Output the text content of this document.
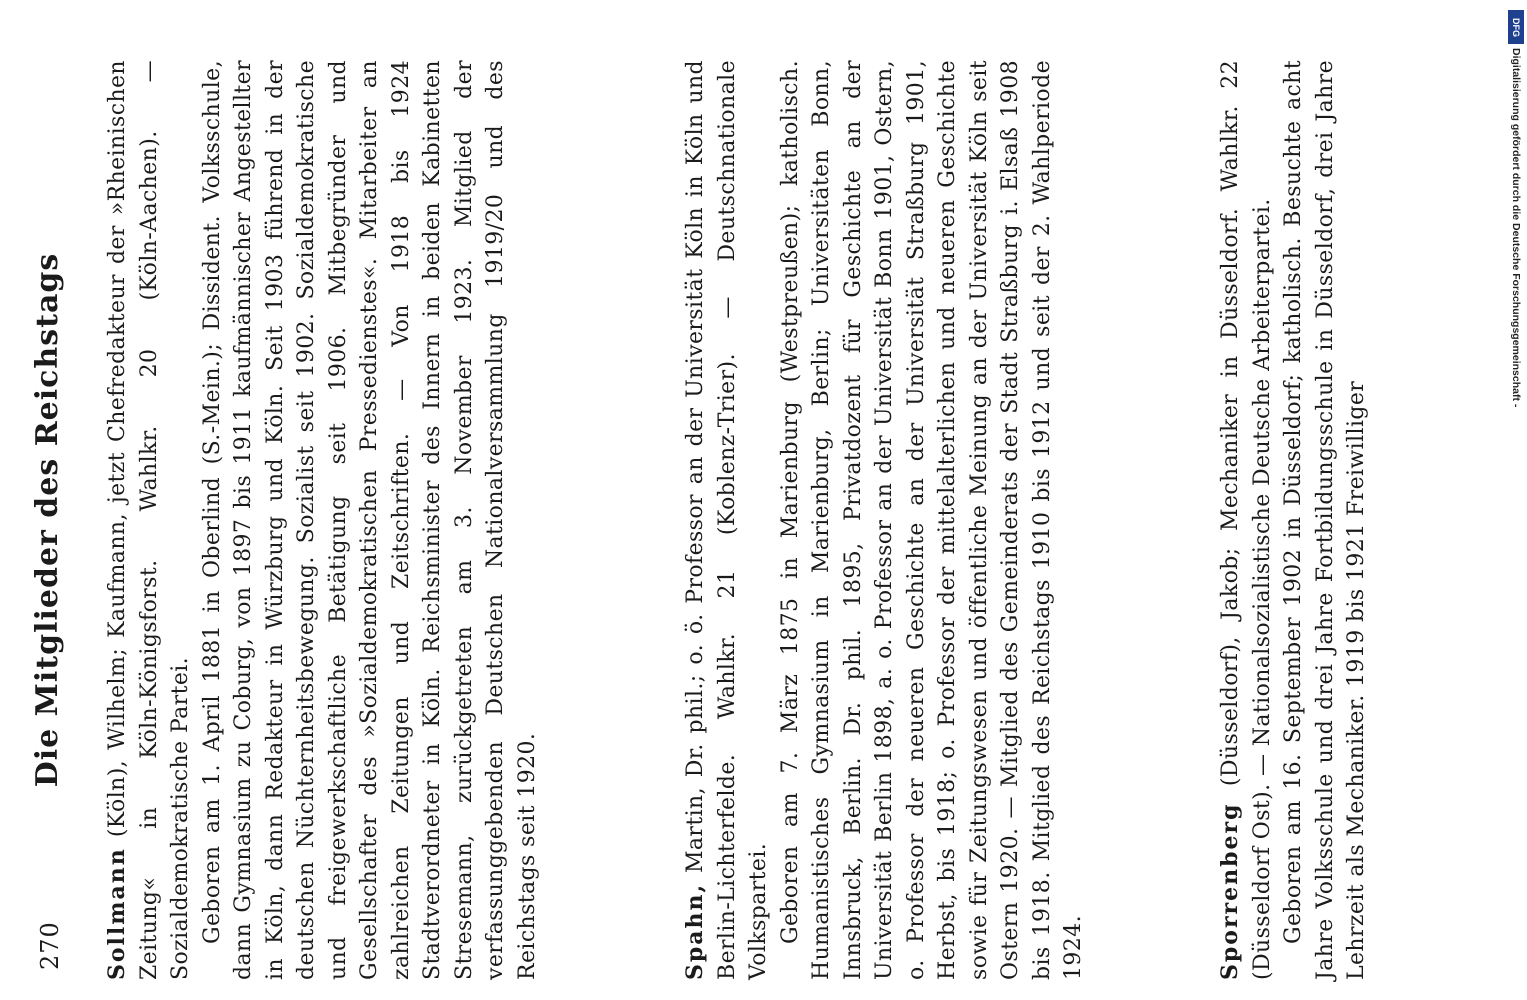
270
Die Mitglieder des Reichstags

Sollmann (Köln), Wilhelm; Kaufmann, jetzt Chefredakteur der »Rheinischen Zeitung« in Köln-Königsforst. Wahlkr. 20 (Köln-Aachen). — Sozialdemokratische Partei. Geboren am 1. April 1881 in Oberlind (S.-Mein.); Dissident. Volksschule, dann Gymnasium zu Coburg, von 1897 bis 1911 kaufmännischer Angestellter in Köln, dann Redakteur in Würzburg und Köln. Seit 1903 führend in der deutschen Nüchternheitsbewegung. Sozialist seit 1902. Sozialdemokratische und freigewerkschaftliche Betätigung seit 1906. Mitbegründer und Gesellschafter des »Sozialdemokratischen Pressedienstes«. Mitarbeiter an zahlreichen Zeitungen und Zeitschriften. — Von 1918 bis 1924 Stadtverordneter in Köln. Reichsminister des Innern in beiden Kabinetten Stresemann, zurückgetreten am 3. November 1923. Mitglied der verfassunggebenden Deutschen Nationalversammlung 1919/20 und des Reichstags seit 1920.	Spahn, Martin, Dr. phil.; o. ö. Professor an der Universität Köln in Köln und Berlin-Lichterfelde. Wahlkr. 21 (Koblenz-Trier). — Deutschnationale Volkspartei. Geboren am 7. März 1875 in Marienburg (Westpreußen); katholisch. Humanistisches Gymnasium in Marienburg, Berlin; Universitäten Bonn, Innsbruck, Berlin. Dr. phil. 1895, Privatdozent für Geschichte an der Universität Berlin 1898, a. o. Professor an der Universität Bonn 1901, Ostern, o. Professor der neueren Geschichte an der Universität Straßburg 1901, Herbst, bis 1918; o. Professor der mittelalterlichen und neueren Geschichte sowie für Zeitungswesen und öffentliche Meinung an der Universität Köln seit Ostern 1920. — Mitglied des Gemeinderats der Stadt Straßburg i. Elsaß 1908 bis 1918. Mitglied des Reichstags 1910 bis 1912 und seit der 2. Wahlperiode 1924.	Sporrenberg (Düsseldorf), Jakob; Mechaniker in Düsseldorf. Wahlkr. 22 (Düsseldorf Ost). — Nationalsozialistische Deutsche Arbeiterpartei. Geboren am 16. September 1902 in Düsseldorf; katholisch. Besuchte acht Jahre Volksschule und drei Jahre Fortbildungsschule in Düsseldorf, drei Jahre Lehrzeit als Mechaniker. 1919 bis 1921 Freiwilliger

DFG
Digitalisierung gefördert durch die Deutsche Forschungsgemeinschaft -
